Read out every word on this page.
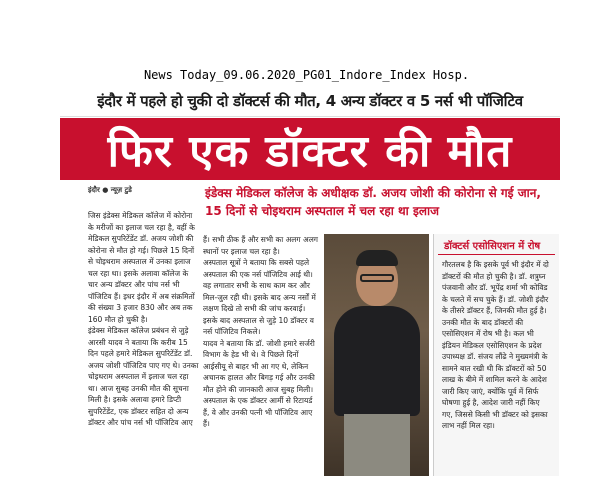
News Today_09.06.2020_PG01_Indore_Index Hosp.
इंदौर में पहले हो चुकी दो डॉक्टर्स की मौत, 4 अन्य डॉक्टर व 5 नर्स भी पॉजिटिव
फिर एक डॉक्टर की मौत
इंदौर ● न्यूज़ टुडे	इंडेक्स मेडिकल कॉलेज के अधीक्षक डॉ. अजय जोशी की कोरोना से गई जान, 15 दिनों से चोइथराम अस्पताल में चल रहा था इलाज
जिस इंडेक्स मेडिकल कॉलेज में कोरोना के मरीजों का इलाज चल रहा है, वहीं के मेडिकल सुपरिटेंडेंट डॉ. अजय जोशी की कोरोना से मौत हो गई। पिछले 15 दिनों से चोइथराम अस्पताल में उनका इलाज चल रहा था। इसके अलावा कॉलेज के चार अन्य डॉक्टर और पांच नर्स भी पॉजिटिव हैं। इधर इंदौर में अब संक्रमितों की संख्या 3 हजार 830 और अब तक 160 मौत हो चुकी है।
इंडेक्स मेडिकल कॉलेज प्रबंधन से जुड़े आरसी यादव ने बताया कि करीब 15 दिन पहले हमारे मेडिकल सुपरिटेंडेंट डॉ. अजय जोशी पॉजिटिव पाए गए थे। उनका चोइथराम अस्पताल में इलाज चल रहा था। आज सुबह उनकी मौत की सूचना मिली है। इसके अलावा हमारे डिप्टी सुपरिटेंडेंट, एक डॉक्टर सहित दो अन्य डॉक्टर और पांच नर्स भी पॉजिटिव आए
हैं। सभी ठीक हैं और सभी का अलग अलग स्थानों पर इलाज चल रहा है।
अस्पताल सूत्रों ने बताया कि सबसे पहले अस्पताल की एक नर्स पॉजिटिव आई थी। वह लगातार सभी के साथ काम कर और मिल-जुल रही थी। इसके बाद अन्य नर्सों में लक्षण दिखे तो सभी की जांच करवाई। इसके बाद अस्पताल से जुड़े 10 डॉक्टर व नर्स पॉजिटिव निकले।
यादव ने बताया कि डॉ. जोशी हमारे सर्जरी विभाग के हेड भी थे। वे पिछले दिनों आईसीयू से बाहर भी आ गए थे, लेकिन अचानक हालत और बिगड़ गई और उनकी मौत होने की जानकारी आज सुबह मिली। अस्पताल के एक डॉक्टर आर्मी से रिटायर्ड हैं, वे और उनकी पत्नी भी पॉजिटिव आए हैं।
डॉक्टर्स एसोसिएशन में रोष
गौरतलब है कि इसके पूर्व भी इंदौर में दो डॉक्टरों की मौत हो चुकी है। डॉ. शत्रुघ्न पंजवानी और डॉ. भूपेंद्र शर्मा भी कोविड के चलते में सच चुके हैं। डॉ. जोशी इंदौर के तीसरे डॉक्टर हैं, जिनकी मौत हुई है। उनकी मौत के बाद डॉक्टरों की एसोसिएशन में रोष भी है। कल भी इंडियन मेडिकल एसोसिएशन के प्रदेश उपाध्यक्ष डॉ. संजय लौंढे ने मुख्यमंत्री के सामने बात रखी थी कि डॉक्टरों को 50 लाख के बीमे में शामिल करने के आदेश जारी किए जाएं, क्योंकि पूर्व में सिर्फ घोषणा हुई है, आदेश जारी नहीं किए गए, जिससे किसी भी डॉक्टर को इसका लाभ नहीं मिल रहा।
